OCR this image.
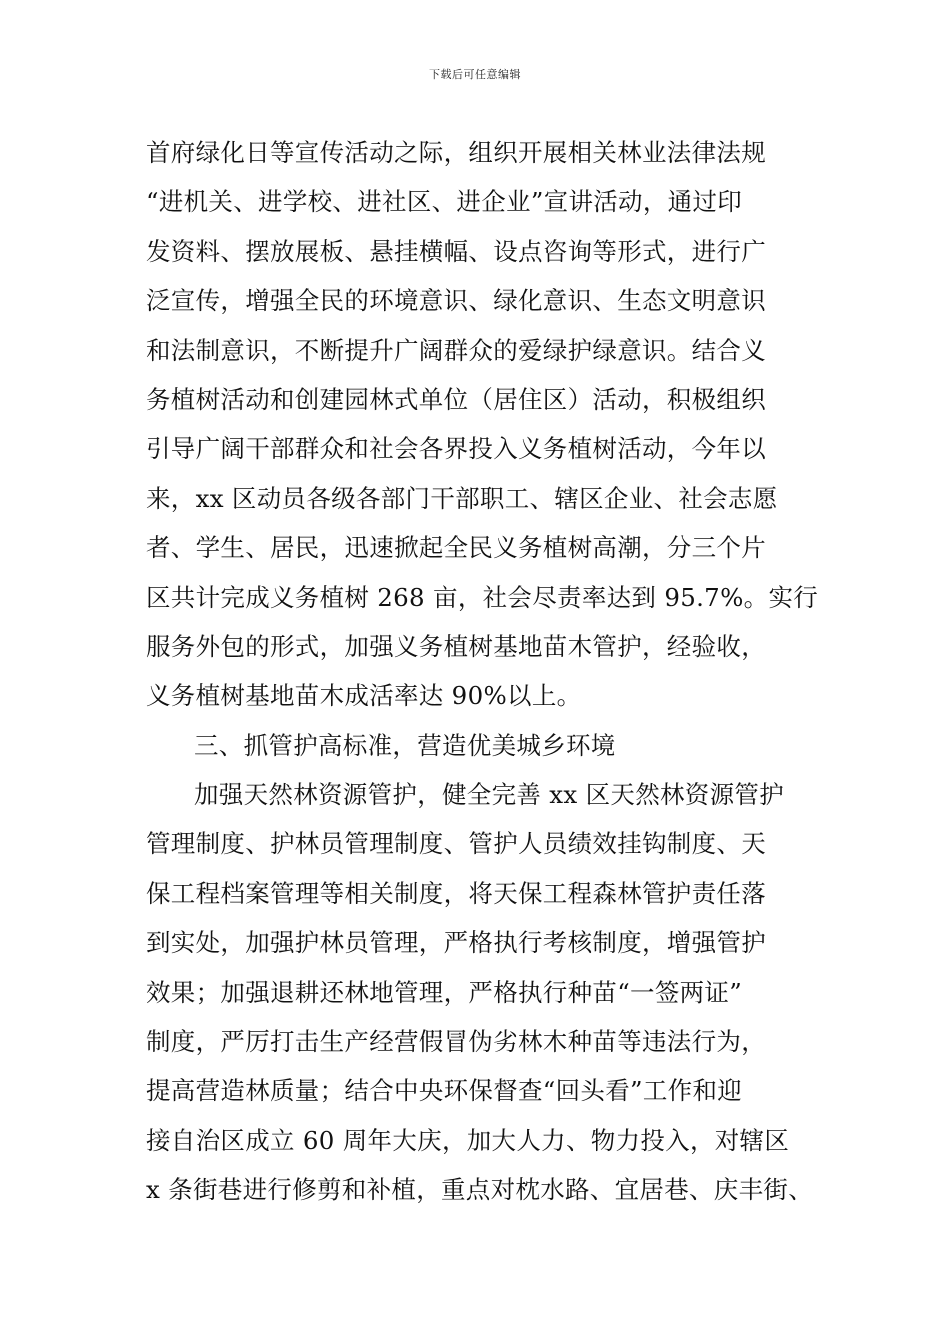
下载后可任意编辑
首府绿化日等宣传活动之际，组织开展相关林业法律法规
“进机关、进学校、进社区、进企业”宣讲活动，通过印
发资料、摆放展板、悬挂横幅、设点咨询等形式，进行广
泛宣传，增强全民的环境意识、绿化意识、生态文明意识
和法制意识，不断提升广阔群众的爱绿护绿意识。结合义
务植树活动和创建园林式单位（居住区）活动，积极组织
引导广阔干部群众和社会各界投入义务植树活动，今年以
来，xx 区动员各级各部门干部职工、辖区企业、社会志愿
者、学生、居民，迅速掀起全民义务植树高潮，分三个片
区共计完成义务植树 268 亩，社会尽责率达到 95.7%。实行
服务外包的形式，加强义务植树基地苗木管护，经验收，
义务植树基地苗木成活率达 90%以上。
三、抓管护高标准，营造优美城乡环境
加强天然林资源管护，健全完善 xx 区天然林资源管护
管理制度、护林员管理制度、管护人员绩效挂钩制度、天
保工程档案管理等相关制度，将天保工程森林管护责任落
到实处，加强护林员管理，严格执行考核制度，增强管护
效果；加强退耕还林地管理，严格执行种苗“一签两证”
制度，严厉打击生产经营假冒伪劣林木种苗等违法行为，
提高营造林质量；结合中央环保督查“回头看”工作和迎
接自治区成立 60 周年大庆，加大人力、物力投入，对辖区
x 条街巷进行修剪和补植，重点对枕水路、宜居巷、庆丰街、
